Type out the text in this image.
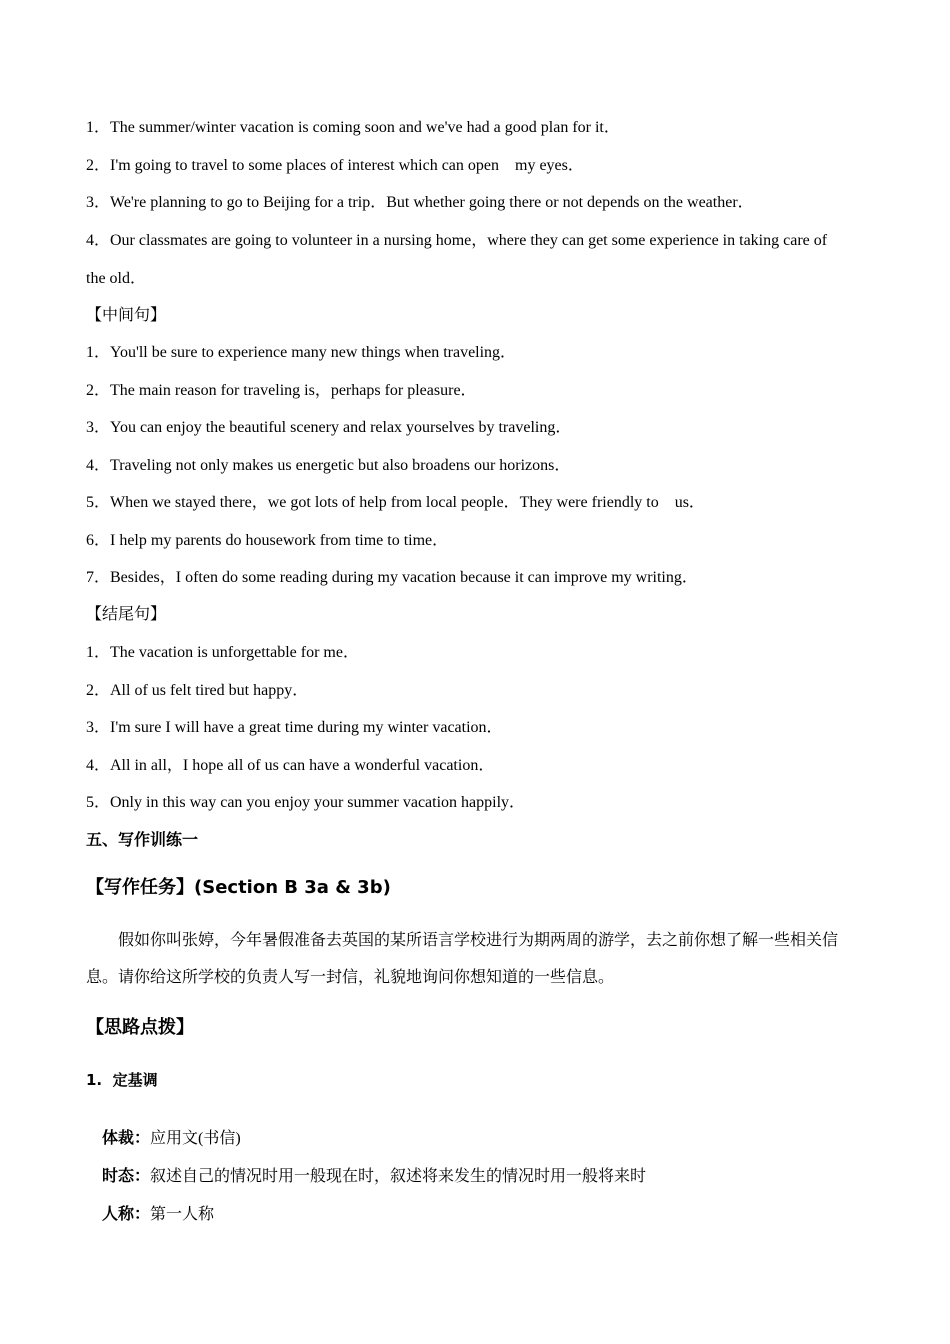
1．The summer/winter vacation is coming soon and we've had a good plan for it．
2．I'm going to travel to some places of interest which can open    my eyes．
3．We're planning to go to Beijing for a trip．But whether going there or not depends on the weather．
4．Our classmates are going to volunteer in a nursing home，where they can get some experience in taking care of
the old．
【中间句】
1．You'll be sure to experience many new things when traveling．
2．The main reason for traveling is，perhaps for pleasure．
3．You can enjoy the beautiful scenery and relax yourselves by traveling．
4．Traveling not only makes us energetic but also broadens our horizons．
5．When we stayed there，we got lots of help from local people．They were friendly to    us．
6．I help my parents do housework from time to time．
7．Besides，I often do some reading during my vacation because it can improve my writing．
【结尾句】
1．The vacation is unforgettable for me．
2．All of us felt tired but happy．
3．I'm sure I will have a great time during my winter vacation．
4．All in all，I hope all of us can have a wonderful vacation．
5．Only in this way can you enjoy your summer vacation happily．
五、写作训练一
【写作任务】(Section B 3a & 3b)
假如你叫张婷，今年暑假准备去英国的某所语言学校进行为期两周的游学，去之前你想了解一些相关信息。请你给这所学校的负责人写一封信，礼貌地询问你想知道的一些信息。
【思路点拨】
1.  定基调

体裁：应用文(书信)

时态：叙述自己的情况时用一般现在时，叙述将来发生的情况时用一般将来时

人称：第一人称
